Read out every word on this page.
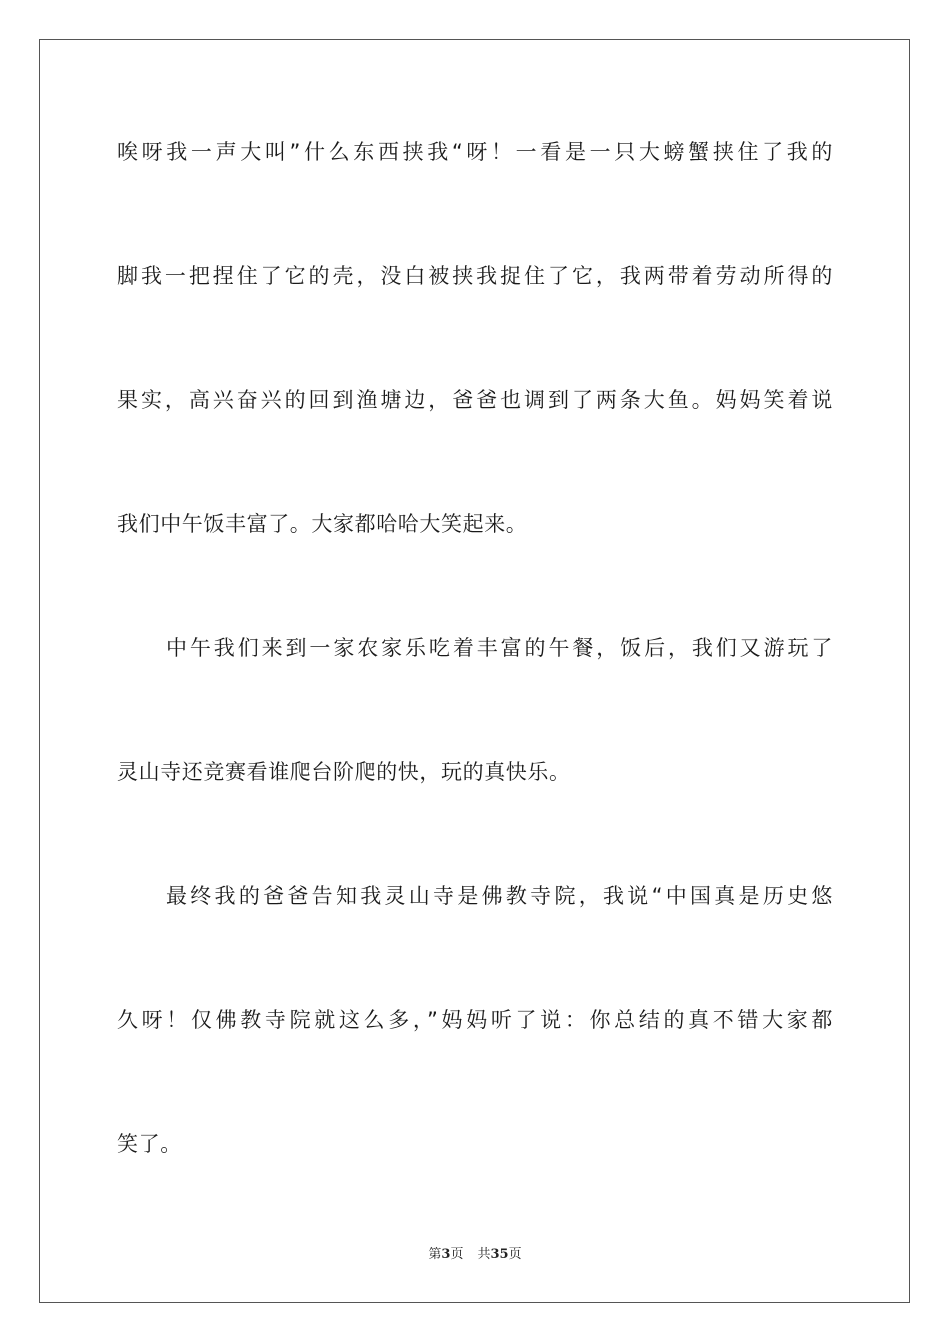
唉呀我一声大叫”什么东西挟我“呀！一看是一只大螃蟹挟住了我的
脚我一把捏住了它的壳，没白被挟我捉住了它，我两带着劳动所得的
果实，高兴奋兴的回到渔塘边，爸爸也调到了两条大鱼。妈妈笑着说
我们中午饭丰富了。大家都哈哈大笑起来。
中午我们来到一家农家乐吃着丰富的午餐，饭后，我们又游玩了
灵山寺还竞赛看谁爬台阶爬的快，玩的真快乐。
最终我的爸爸告知我灵山寺是佛教寺院，我说“中国真是历史悠
久呀！仅佛教寺院就这么多，”妈妈听了说：你总结的真不错大家都
笑了。
第3页 共35页
